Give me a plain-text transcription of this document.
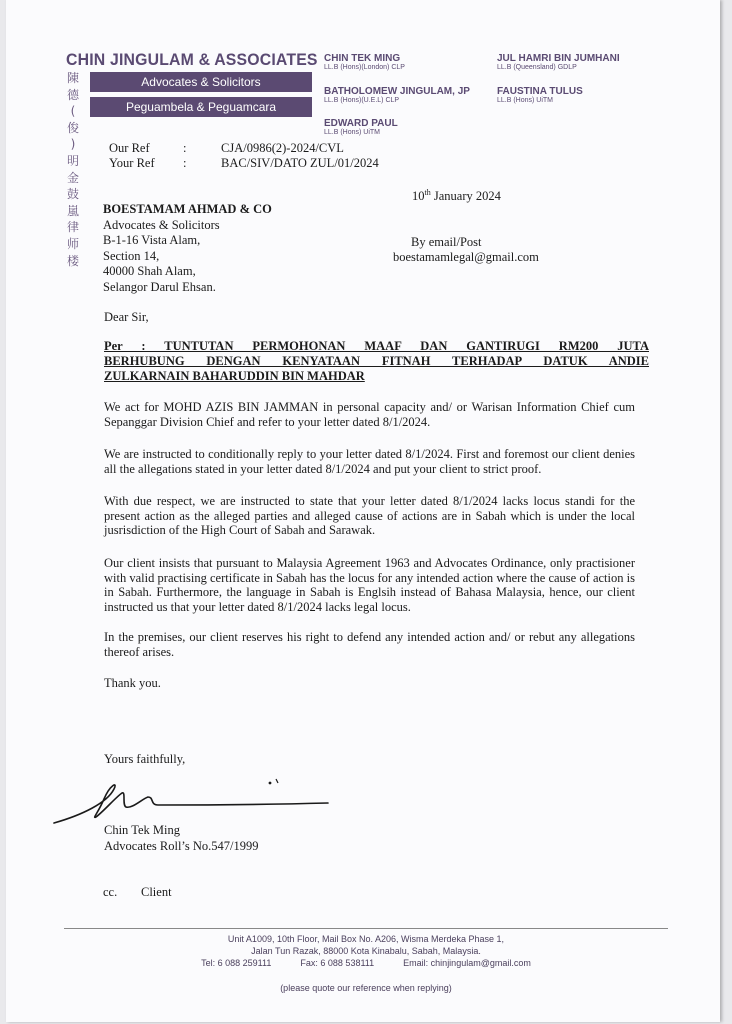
CHIN JINGULAM & ASSOCIATES
Advocates & Solicitors
Peguambela & Peguamcara
陳
德
(
俊
)
明
金
鼓
嵐
律
师
楼
CHIN TEK MING
LL.B (Hons)(London) CLP
BATHOLOMEW JINGULAM, JP
LL.B (Hons)(U.E.L) CLP
EDWARD PAUL
LL.B (Hons) UiTM
JUL HAMRI BIN JUMHANI
LL.B (Queensland) GDLP
FAUSTINA TULUS
LL.B (Hons) UiTM
Our Ref	:	CJA/0986(2)-2024/CVL
Your Ref :	BAC/SIV/DATO ZUL/01/2024
10th January 2024
BOESTAMAM AHMAD & CO
Advocates & Solicitors
B-1-16 Vista Alam,
Section 14,
40000 Shah Alam,
Selangor Darul Ehsan.
By email/Post
boestamamlegal@gmail.com
Dear Sir,
Per   :   TUNTUTAN   PERMOHONAN   MAAF   DAN   GANTIRUGI   RM200   JUTA
BERHUBUNG   DENGAN   KENYATAAN   FITNAH   TERHADAP   DATUK   ANDIE
ZULKARNAIN BAHARUDDIN BIN MAHDAR
We act for MOHD AZIS BIN JAMMAN in personal capacity and/ or Warisan Information Chief cum Sepanggar Division Chief and refer to your letter dated 8/1/2024.
We are instructed to conditionally reply to your letter dated 8/1/2024. First and foremost our client denies all the allegations stated in your letter dated 8/1/2024 and put your client to strict proof.
With due respect, we are instructed to state that your letter dated 8/1/2024 lacks locus standi for the present action as the alleged parties and alleged cause of actions are in Sabah which is under the local jusrisdiction of the High Court of Sabah and Sarawak.
Our client insists that pursuant to Malaysia Agreement 1963 and Advocates Ordinance, only practisioner with valid practising certificate in Sabah has the locus for any intended action where the cause of action is in Sabah. Furthermore, the language in Sabah is Englsih instead of Bahasa Malaysia, hence, our client instructed us that your letter dated 8/1/2024 lacks legal locus.
In the premises, our client reserves his right to defend any intended action and/ or rebut any allegations thereof arises.
Thank you.
Yours faithfully,
Chin Tek Ming
Advocates Roll’s No.547/1999
cc. Client
Unit A1009, 10th Floor, Mail Box No. A206, Wisma Merdeka Phase 1,
Jalan Tun Razak, 88000 Kota Kinabalu, Sabah, Malaysia.
Tel: 6 088 259111	Fax: 6 088 538111	Email: chinjingulam@gmail.com
(please quote our reference when replying)
